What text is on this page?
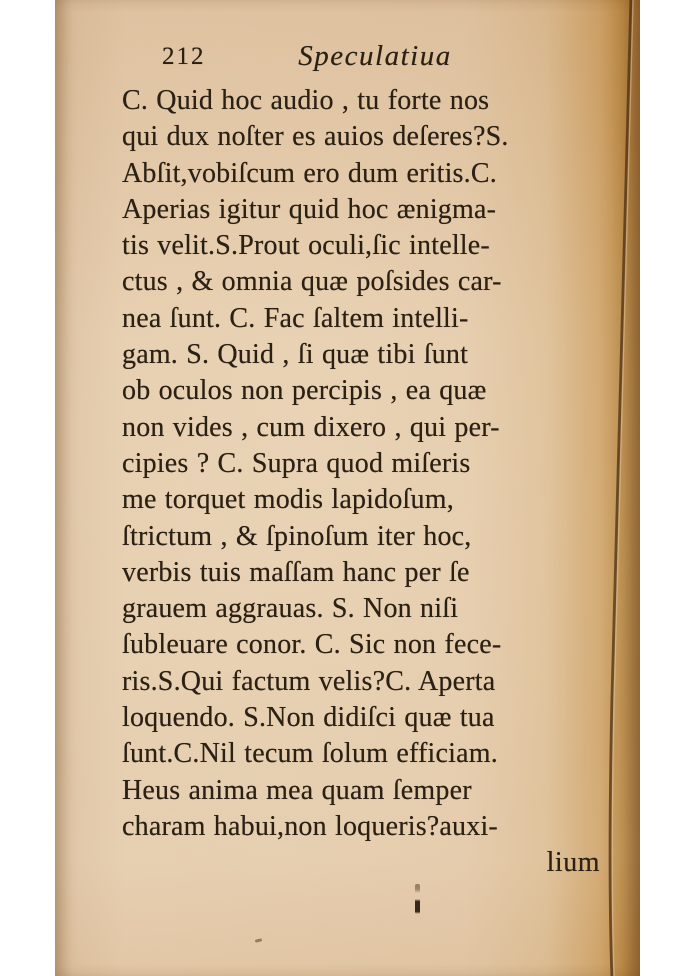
212	Speculatiua
C. Quid hoc audio , tu forte nos
qui dux noſter es auios deſeres?S.
Abſit,vobiſcum ero dum eritis.C.
Aperias igitur quid hoc ænigma-
tis velit.S.Prout oculi,ſic intelle-
ctus , & omnia quæ poſsides car-
nea ſunt. C. Fac ſaltem intelli-
gam. S. Quid , ſi quæ tibi ſunt
ob oculos non percipis , ea quæ
non vides , cum dixero , qui per-
cipies ? C. Supra quod miſeris
me torquet modis lapidoſum,
ſtrictum , & ſpinoſum iter hoc,
verbis tuis maſſam hanc per ſe
grauem aggrauas. S. Non niſi
ſubleuare conor. C. Sic non fece-
ris.S.Qui factum velis?C. Aperta
loquendo. S.Non didiſci quæ tua
ſunt.C.Nil tecum ſolum efficiam.
Heus anima mea quam ſemper
charam habui,non loqueris?auxi-
lium
